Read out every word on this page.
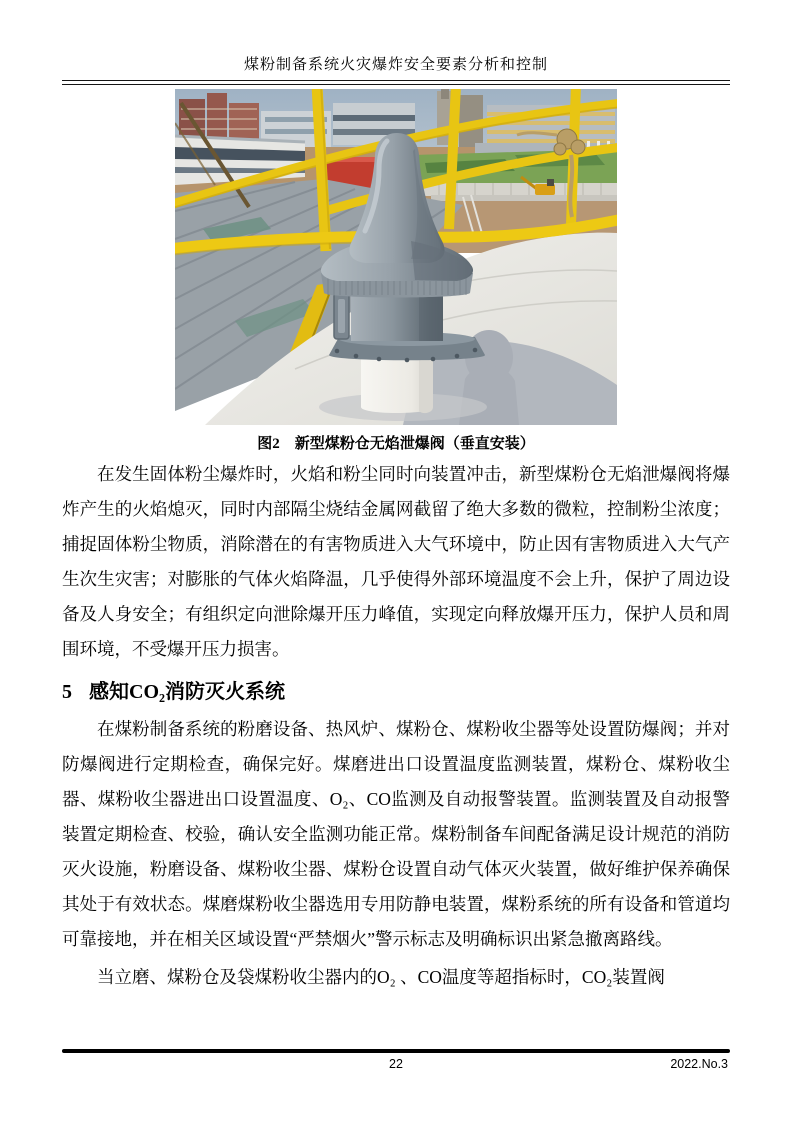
煤粉制备系统火灾爆炸安全要素分析和控制
图2　新型煤粉仓无焰泄爆阀（垂直安装）

在发生固体粉尘爆炸时，火焰和粉尘同时向装置冲击，新型煤粉仓无焰泄爆阀将爆炸产生的火焰熄灭，同时内部隔尘烧结金属网截留了绝大多数的微粒，控制粉尘浓度；捕捉固体粉尘物质，消除潜在的有害物质进入大气环境中，防止因有害物质进入大气产生次生灾害；对膨胀的气体火焰降温，几乎使得外部环境温度不会上升，保护了周边设备及人身安全；有组织定向泄除爆开压力峰值，实现定向释放爆开压力，保护人员和周围环境，不受爆开压力损害。

5 感知CO₂消防灭火系统

在煤粉制备系统的粉磨设备、热风炉、煤粉仓、煤粉收尘器等处设置防爆阀；并对防爆阀进行定期检查，确保完好。煤磨进出口设置温度监测装置，煤粉仓、煤粉收尘器、煤粉收尘器进出口设置温度、O₂、CO监测及自动报警装置。监测装置及自动报警装置定期检查、校验，确认安全监测功能正常。煤粉制备车间配备满足设计规范的消防灭火设施，粉磨设备、煤粉收尘器、煤粉仓设置自动气体灭火装置，做好维护保养确保其处于有效状态。煤磨煤粉收尘器选用专用防静电装置，煤粉系统的所有设备和管道均可靠接地，并在相关区域设置“严禁烟火”警示标志及明确标识出紧急撤离路线。

当立磨、煤粉仓及袋煤粉收尘器内的O₂ 、CO温度等超指标时，CO₂装置阀

22	2022.No.3
